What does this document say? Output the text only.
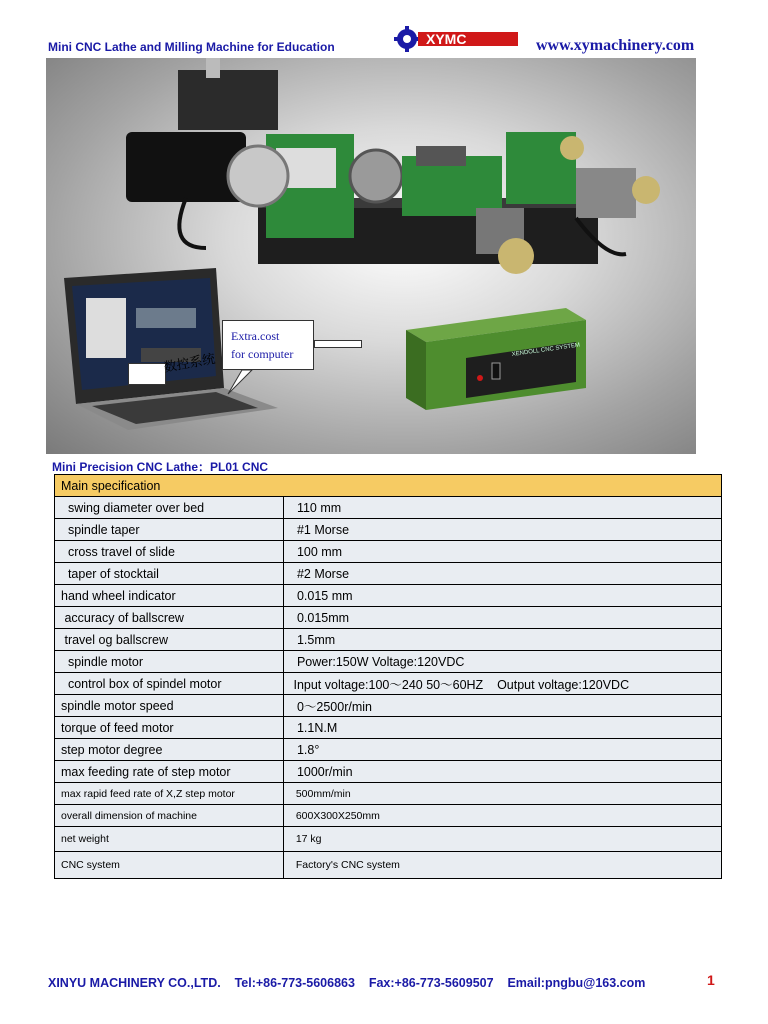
Mini CNC Lathe and Milling Machine for Education	XYMC	www.xymachinery.com
XENDOLL CNC SYSTEM
Extra.cost
for computer
数控系统
Mini Precision CNC Lathe：PL01 CNC
Main specification	
swing diameter over bed	110 mm
spindle taper	#1 Morse
cross travel of slide	100 mm
taper of stocktail	#2 Morse
hand wheel indicator	0.015 mm
accuracy of ballscrew	0.015mm
travel og ballscrew	1.5mm
spindle motor	Power:150W Voltage:120VDC
control box of spindel motor	Input voltage:100～240 50～60HZ    Output voltage:120VDC
spindle motor speed	0～2500r/min
torque of feed motor	1.1N.M
step motor degree	1.8°
max feeding rate of step motor	1000r/min
max rapid feed rate of X,Z step motor	500mm/min
overall dimension of machine	600X300X250mm
net weight	17 kg
CNC system	Factory's CNC system
XINYU MACHINERY CO.,LTD.    Tel:+86-773-5606863    Fax:+86-773-5609507    Email:pngbu@163.com	1
